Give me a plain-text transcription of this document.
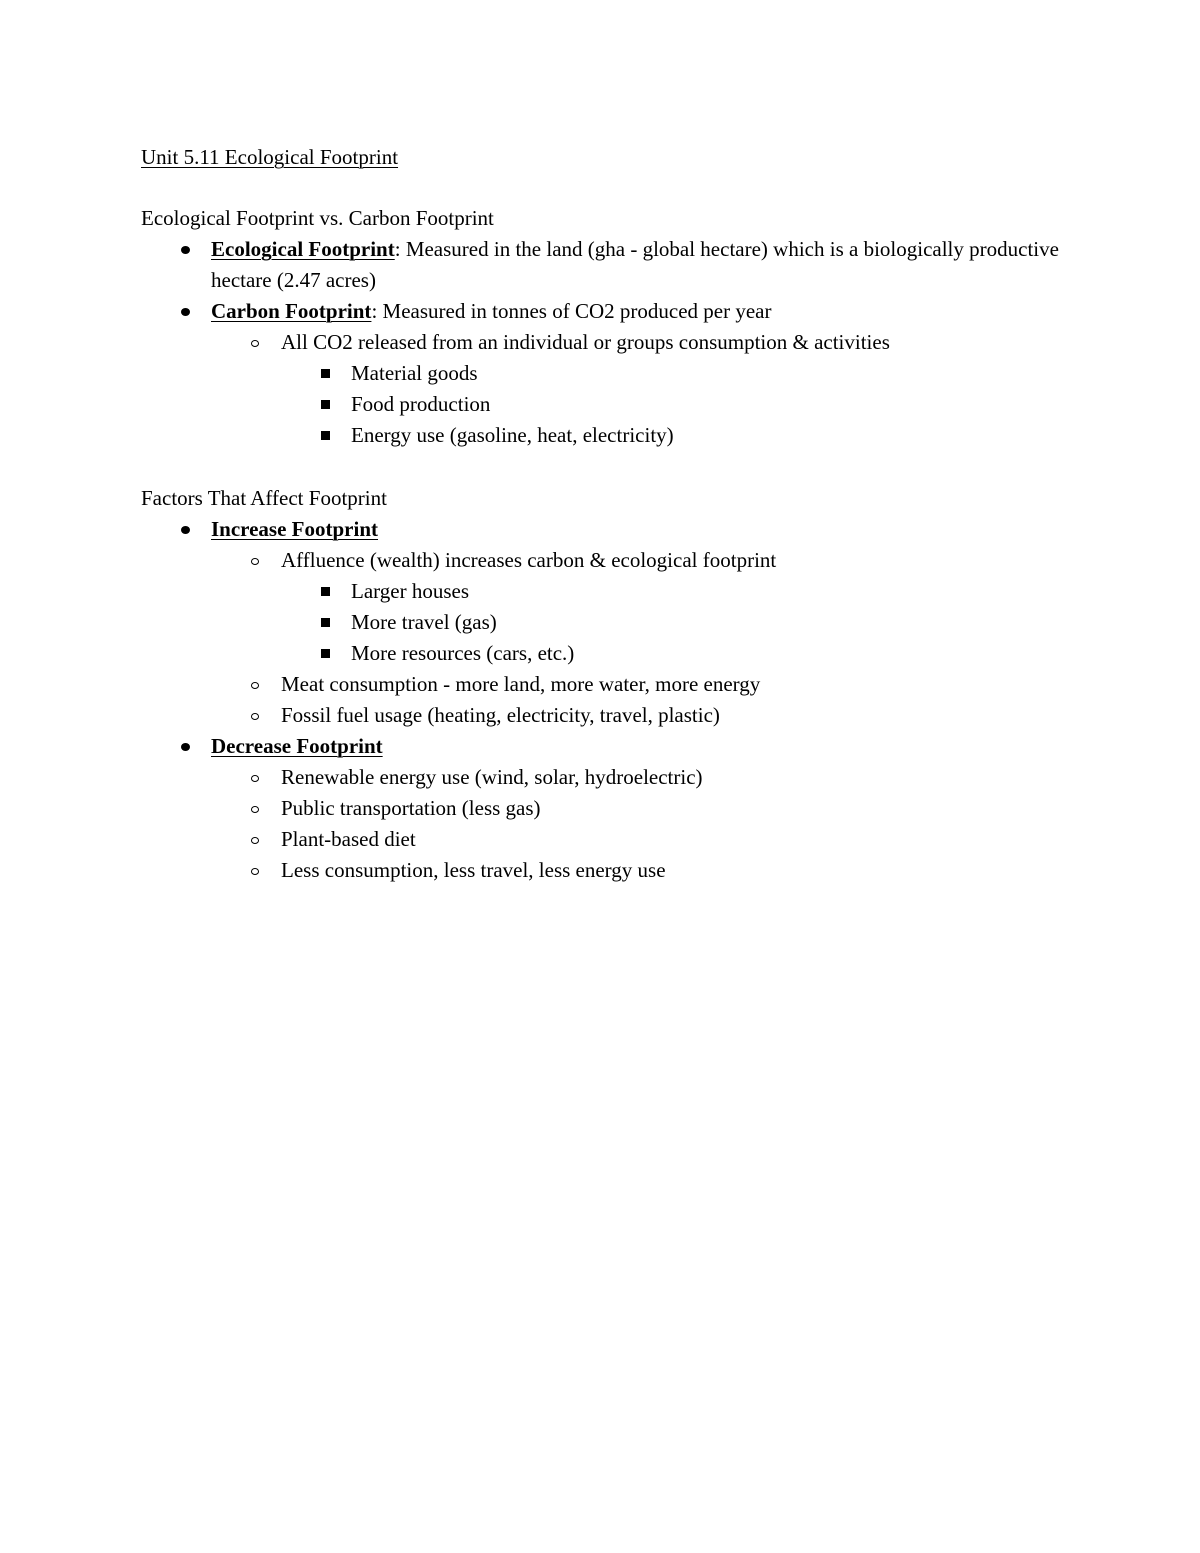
Unit 5.11 Ecological Footprint
Ecological Footprint vs. Carbon Footprint
Ecological Footprint: Measured in the land (gha - global hectare) which is a biologically productive hectare (2.47 acres)
Carbon Footprint: Measured in tonnes of CO2 produced per year
All CO2 released from an individual or groups consumption & activities
Material goods
Food production
Energy use (gasoline, heat, electricity)
Factors That Affect Footprint
Increase Footprint
Affluence (wealth) increases carbon & ecological footprint
Larger houses
More travel (gas)
More resources (cars, etc.)
Meat consumption - more land, more water, more energy
Fossil fuel usage (heating, electricity, travel, plastic)
Decrease Footprint
Renewable energy use (wind, solar, hydroelectric)
Public transportation (less gas)
Plant-based diet
Less consumption, less travel, less energy use
